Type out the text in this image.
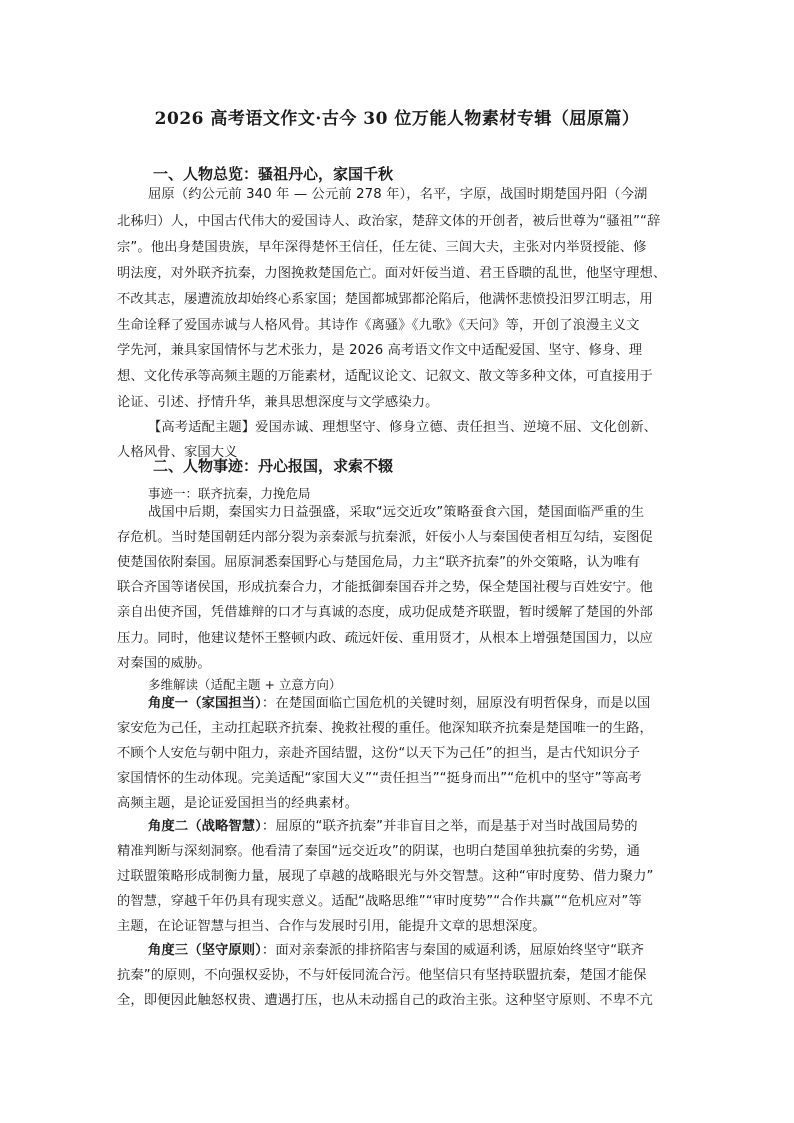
2026 高考语文作文·古今 30 位万能人物素材专辑（屈原篇）
一、人物总览：骚祖丹心，家国千秋
屈原（约公元前 340 年 — 公元前 278 年），名平，字原，战国时期楚国丹阳（今湖
北秭归）人，中国古代伟大的爱国诗人、政治家，楚辞文体的开创者，被后世尊为“骚祖”“辞
宗”。他出身楚国贵族，早年深得楚怀王信任，任左徒、三闾大夫，主张对内举贤授能、修
明法度，对外联齐抗秦，力图挽救楚国危亡。面对奸佞当道、君王昏聩的乱世，他坚守理想、
不改其志，屡遭流放却始终心系家国；楚国都城郢都沦陷后，他满怀悲愤投汨罗江明志，用
生命诠释了爱国赤诚与人格风骨。其诗作《离骚》《九歌》《天问》等，开创了浪漫主义文
学先河，兼具家国情怀与艺术张力，是 2026 高考语文作文中适配爱国、坚守、修身、理
想、文化传承等高频主题的万能素材，适配议论文、记叙文、散文等多种文体，可直接用于
论证、引述、抒情升华，兼具思想深度与文学感染力。
【高考适配主题】爱国赤诚、理想坚守、修身立德、责任担当、逆境不屈、文化创新、
人格风骨、家国大义
二、人物事迹：丹心报国，求索不辍
事迹一：联齐抗秦，力挽危局
战国中后期，秦国实力日益强盛，采取“远交近攻”策略蚕食六国，楚国面临严重的生
存危机。当时楚国朝廷内部分裂为亲秦派与抗秦派，奸佞小人与秦国使者相互勾结，妄图促
使楚国依附秦国。屈原洞悉秦国野心与楚国危局，力主“联齐抗秦”的外交策略，认为唯有
联合齐国等诸侯国，形成抗秦合力，才能抵御秦国吞并之势，保全楚国社稷与百姓安宁。他
亲自出使齐国，凭借雄辩的口才与真诚的态度，成功促成楚齐联盟，暂时缓解了楚国的外部
压力。同时，他建议楚怀王整顿内政、疏远奸佞、重用贤才，从根本上增强楚国国力，以应
对秦国的威胁。
多维解读（适配主题 + 立意方向）
角度一（家国担当）：在楚国面临亡国危机的关键时刻，屈原没有明哲保身，而是以国
家安危为己任，主动扛起联齐抗秦、挽救社稷的重任。他深知联齐抗秦是楚国唯一的生路，
不顾个人安危与朝中阻力，亲赴齐国结盟，这份“以天下为己任”的担当，是古代知识分子
家国情怀的生动体现。完美适配“家国大义”“责任担当”“挺身而出”“危机中的坚守”等高考
高频主题，是论证爱国担当的经典素材。
角度二（战略智慧）：屈原的“联齐抗秦”并非盲目之举，而是基于对当时战国局势的
精准判断与深刻洞察。他看清了秦国“远交近攻”的阴谋，也明白楚国单独抗秦的劣势，通
过联盟策略形成制衡力量，展现了卓越的战略眼光与外交智慧。这种“审时度势、借力聚力”
的智慧，穿越千年仍具有现实意义。适配“战略思维”“审时度势”“合作共赢”“危机应对”等
主题，在论证智慧与担当、合作与发展时引用，能提升文章的思想深度。
角度三（坚守原则）：面对亲秦派的排挤陷害与秦国的威逼利诱，屈原始终坚守“联齐
抗秦”的原则，不向强权妥协，不与奸佞同流合污。他坚信只有坚持联盟抗秦，楚国才能保
全，即便因此触怒权贵、遭遇打压，也从未动摇自己的政治主张。这种坚守原则、不卑不亢
